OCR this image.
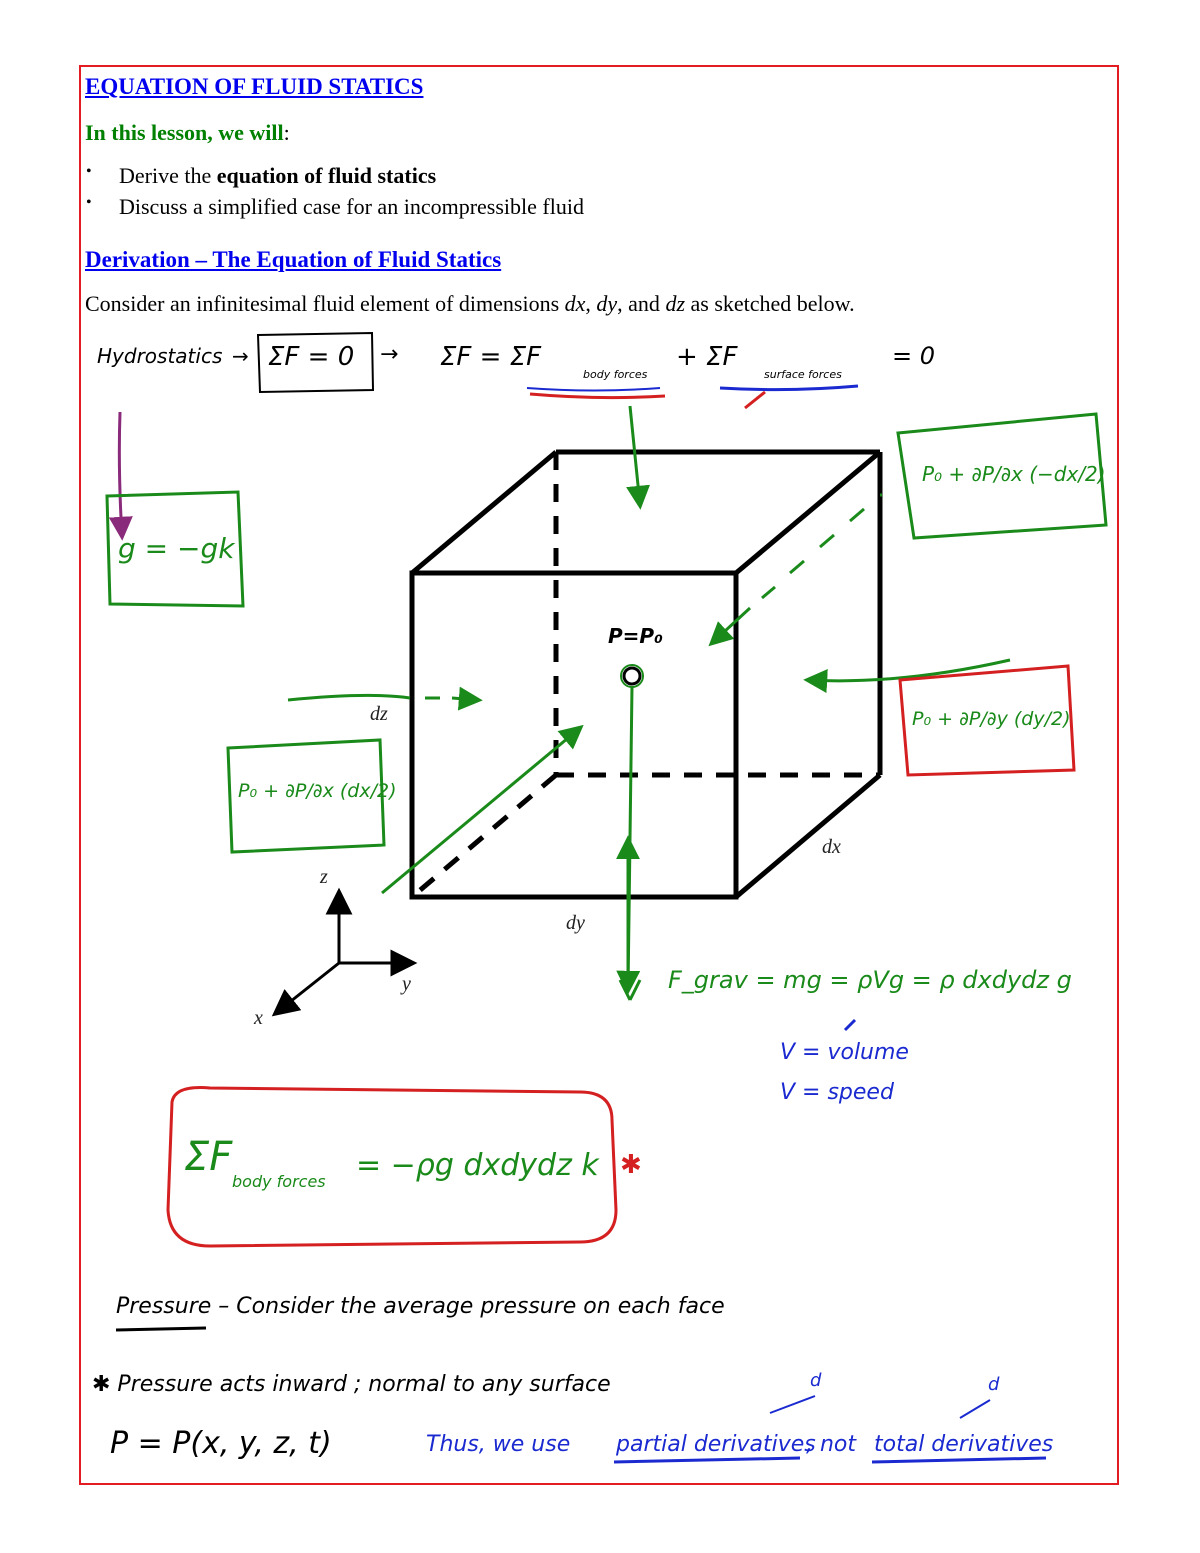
EQUATION OF FLUID STATICS
In this lesson, we will:
• Derive the equation of fluid statics
• Discuss a simplified case for an incompressible fluid
Derivation – The Equation of Fluid Statics
Consider an infinitesimal fluid element of dimensions dx, dy, and dz as sketched below.
dz
dx
dy
z
y
x
Hydrostatics → ΣF = 0 → ΣF = ΣF
body forces
+ ΣF
surface forces
= 0
g = −gk
P=P₀
P₀ + ∂P/∂x (−dx/2)
P₀ + ∂P/∂y (dy/2)
P₀ + ∂P/∂x (dx/2)
F_grav = mg = ρVg = ρ dxdydz g
V = volume
V = speed
ΣF
body forces = −ρg dxdydz k ✱
Pressure – Consider the average pressure on each face
✱ Pressure acts inward ; normal to any surface	d	d
P = P(x, y, z, t)	Thus, we use partial derivatives
, not total derivatives
